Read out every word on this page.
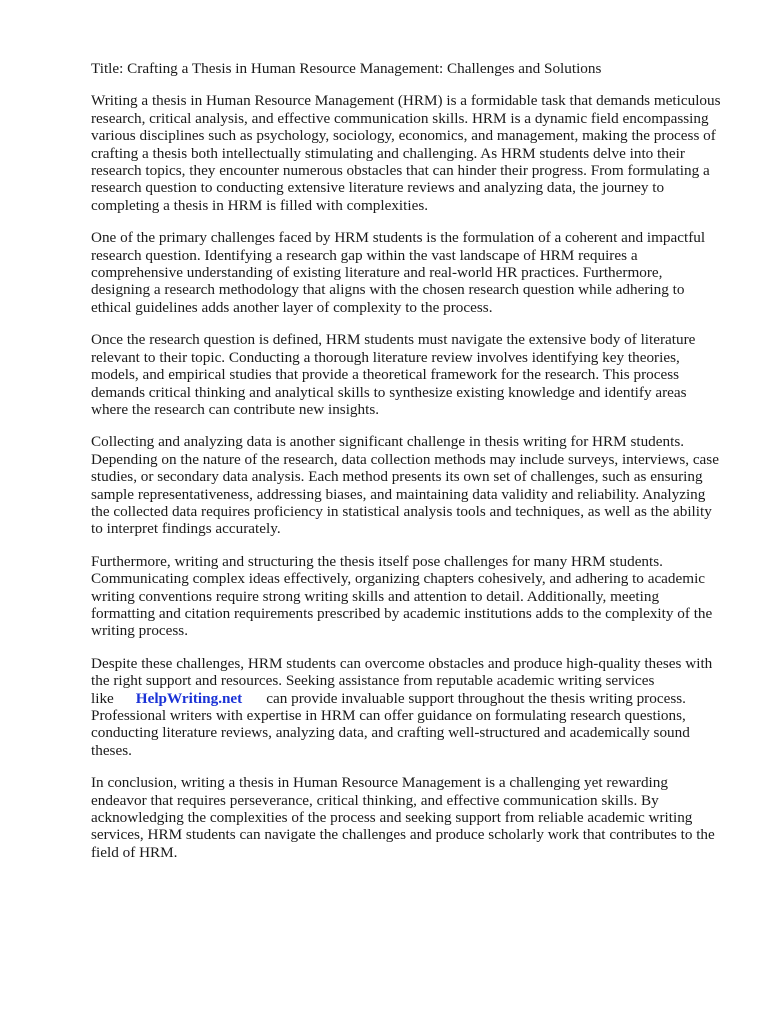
Title: Crafting a Thesis in Human Resource Management: Challenges and Solutions

Writing a thesis in Human Resource Management (HRM) is a formidable task that demands meticulous research, critical analysis, and effective communication skills. HRM is a dynamic field encompassing various disciplines such as psychology, sociology, economics, and management, making the process of crafting a thesis both intellectually stimulating and challenging. As HRM students delve into their research topics, they encounter numerous obstacles that can hinder their progress. From formulating a research question to conducting extensive literature reviews and analyzing data, the journey to completing a thesis in HRM is filled with complexities.

One of the primary challenges faced by HRM students is the formulation of a coherent and impactful research question. Identifying a research gap within the vast landscape of HRM requires a comprehensive understanding of existing literature and real-world HR practices. Furthermore, designing a research methodology that aligns with the chosen research question while adhering to ethical guidelines adds another layer of complexity to the process.

Once the research question is defined, HRM students must navigate the extensive body of literature relevant to their topic. Conducting a thorough literature review involves identifying key theories, models, and empirical studies that provide a theoretical framework for the research. This process demands critical thinking and analytical skills to synthesize existing knowledge and identify areas where the research can contribute new insights.

Collecting and analyzing data is another significant challenge in thesis writing for HRM students. Depending on the nature of the research, data collection methods may include surveys, interviews, case studies, or secondary data analysis. Each method presents its own set of challenges, such as ensuring sample representativeness, addressing biases, and maintaining data validity and reliability. Analyzing the collected data requires proficiency in statistical analysis tools and techniques, as well as the ability to interpret findings accurately.

Furthermore, writing and structuring the thesis itself pose challenges for many HRM students. Communicating complex ideas effectively, organizing chapters cohesively, and adhering to academic writing conventions require strong writing skills and attention to detail. Additionally, meeting formatting and citation requirements prescribed by academic institutions adds to the complexity of the writing process.

Despite these challenges, HRM students can overcome obstacles and produce high-quality theses with the right support and resources. Seeking assistance from reputable academic writing services like HelpWriting.net can provide invaluable support throughout the thesis writing process. Professional writers with expertise in HRM can offer guidance on formulating research questions, conducting literature reviews, analyzing data, and crafting well-structured and academically sound theses.

In conclusion, writing a thesis in Human Resource Management is a challenging yet rewarding endeavor that requires perseverance, critical thinking, and effective communication skills. By acknowledging the complexities of the process and seeking support from reliable academic writing services, HRM students can navigate the challenges and produce scholarly work that contributes to the field of HRM.
